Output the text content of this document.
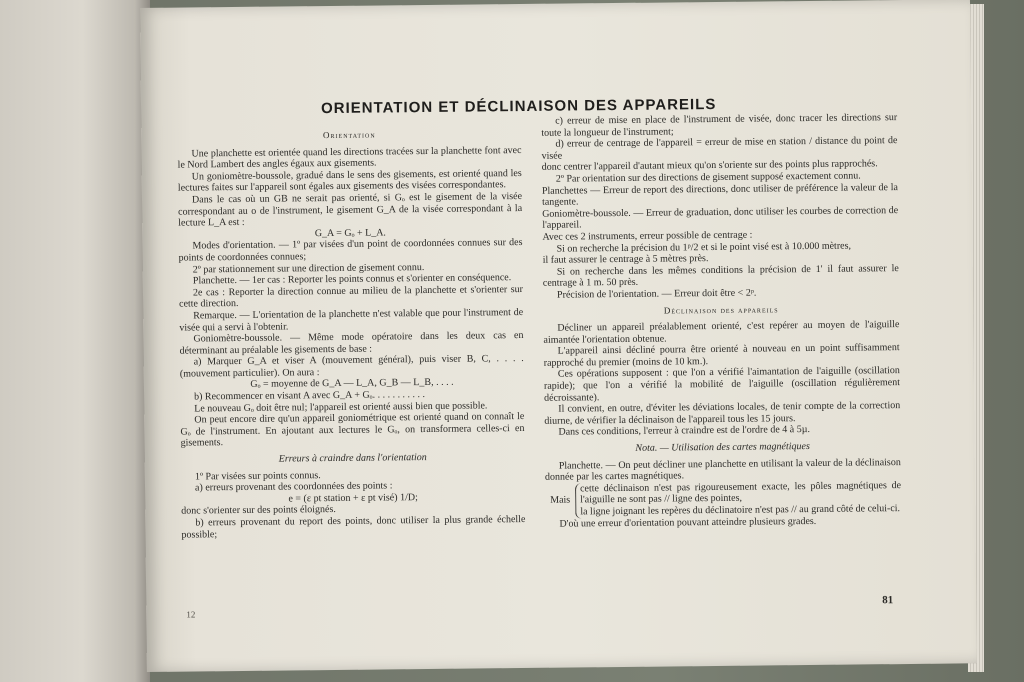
ORIENTATION ET DÉCLINAISON DES APPAREILS

Orientation

Une planchette est orientée quand les directions tracées sur la planchette font avec le Nord Lambert des angles égaux aux gisements.

Un goniomètre-boussole, gradué dans le sens des gisements, est orienté quand les lectures faites sur l'appareil sont égales aux gisements des visées correspondantes.

Dans le cas où un GB ne serait pas orienté, si Gₒ est le gisement de la visée correspondant au o de l'instrument, le gisement G_A de la visée correspondant à la lecture L_A est :

G_A = Gₒ + L_A.

Modes d'orientation. — 1º par visées d'un point de coordonnées connues sur des points de coordonnées connues;

2º par stationnement sur une direction de gisement connu.

Planchette. — 1er cas : Reporter les points connus et s'orienter en conséquence.

2e cas : Reporter la direction connue au milieu de la planchette et s'orienter sur cette direction.

Remarque. — L'orientation de la planchette n'est valable que pour l'instrument de visée qui a servi à l'obtenir.

Goniomètre-boussole. — Même mode opératoire dans les deux cas en déterminant au préalable les gisements de base :

a) Marquer G_A et viser A (mouvement général), puis viser B, C, . . . . (mouvement particulier). On aura :

Gₒ = moyenne de G_A — L_A, G_B — L_B, . . . .

b) Recommencer en visant A avec G_A + Gₒ. . . . . . . . . . .

Le nouveau Gₒ doit être nul; l'appareil est orienté aussi bien que possible.

On peut encore dire qu'un appareil goniométrique est orienté quand on connaît le Gₒ de l'instrument. En ajoutant aux lectures le Gₒ, on transformera celles-ci en gisements.

Erreurs à craindre dans l'orientation

1º Par visées sur points connus.

a) erreurs provenant des coordonnées des points :

e = (ε pt station + ε pt visé) 1/D;

donc s'orienter sur des points éloignés.

b) erreurs provenant du report des points, donc utiliser la plus grande échelle possible;

c) erreur de mise en place de l'instrument de visée, donc tracer les directions sur toute la longueur de l'instrument;

d) erreur de centrage de l'appareil = erreur de mise en station / distance du point de visée

donc centrer l'appareil d'autant mieux qu'on s'oriente sur des points plus rapprochés.

2º Par orientation sur des directions de gisement supposé exactement connu.

Planchettes — Erreur de report des directions, donc utiliser de préférence la valeur de la tangente.

Goniomètre-boussole. — Erreur de graduation, donc utiliser les courbes de correction de l'appareil.

Avec ces 2 instruments, erreur possible de centrage :

Si on recherche la précision du 1ᵖ/2 et si le point visé est à 10.000 mètres,

il faut assurer le centrage à 5 mètres près.

Si on recherche dans les mêmes conditions la précision de 1' il faut assurer le centrage à 1 m. 50 près.

Précision de l'orientation. — Erreur doit être < 2ᵖ.

Déclinaison des appareils

Décliner un appareil préalablement orienté, c'est repérer au moyen de l'aiguille aimantée l'orientation obtenue.

L'appareil ainsi décliné pourra être orienté à nouveau en un point suffisamment rapproché du premier (moins de 10 km.).

Ces opérations supposent : que l'on a vérifié l'aimantation de l'aiguille (oscillation rapide); que l'on a vérifié la mobilité de l'aiguille (oscillation régulièrement décroissante).

Il convient, en outre, d'éviter les déviations locales, de tenir compte de la correction diurne, de vérifier la déclinaison de l'appareil tous les 15 jours.

Dans ces conditions, l'erreur à craindre est de l'ordre de 4 à 5µ.

Nota. — Utilisation des cartes magnétiques

Planchette. — On peut décliner une planchette en utilisant la valeur de la déclinaison donnée par les cartes magnétiques.

Mais

cette déclinaison n'est pas rigoureusement exacte, les pôles magnétiques de l'aiguille ne sont pas // ligne des pointes,

la ligne joignant les repères du déclinatoire n'est pas // au grand côté de celui-ci.

D'où une erreur d'orientation pouvant atteindre plusieurs grades.

12
81
